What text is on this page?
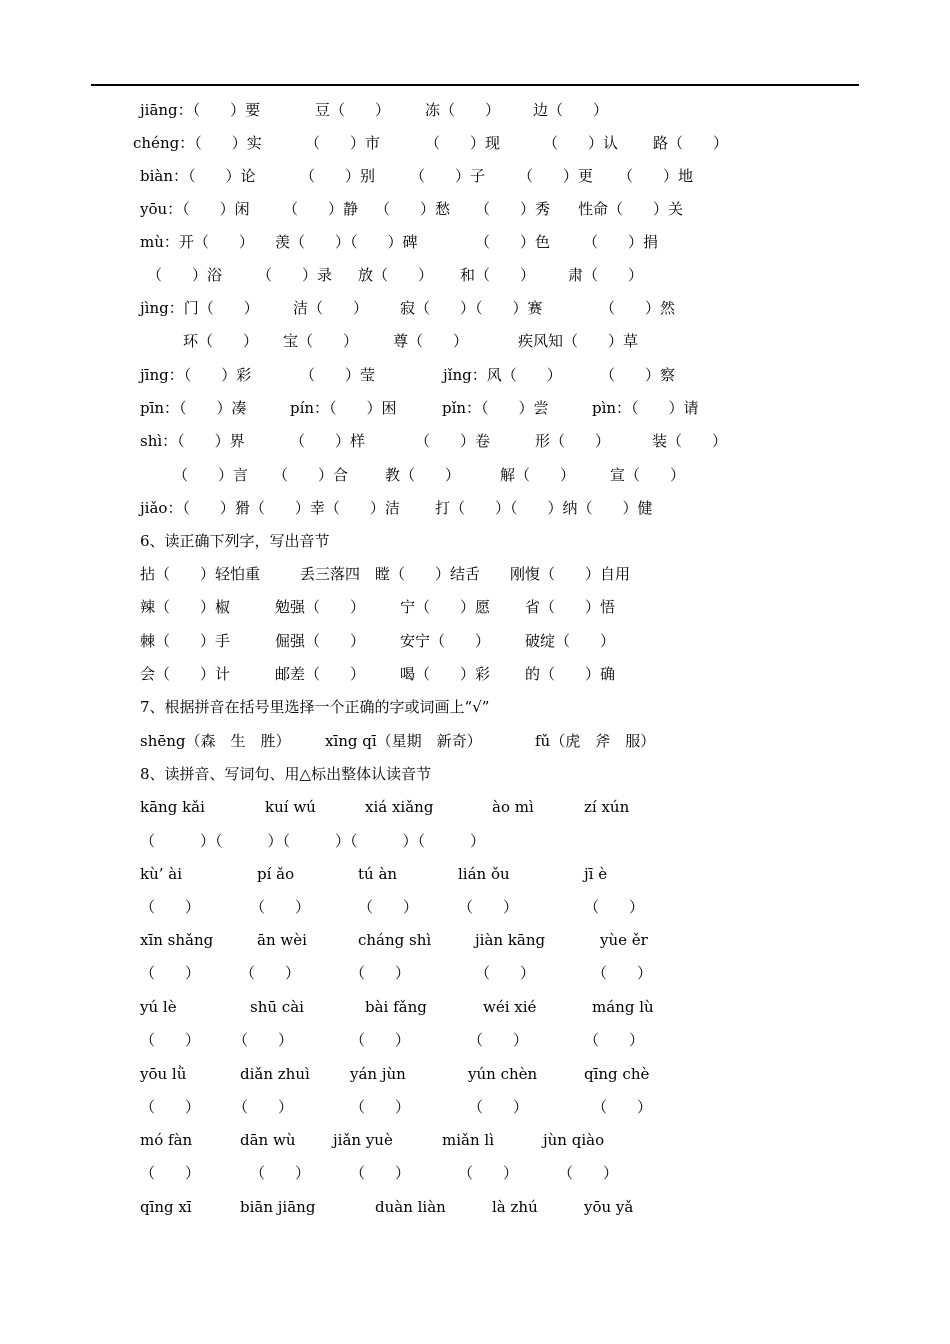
jiāng：（　　）要	豆（　　） 冻（　　） 边（　　）
chéng：（　　）实	（　　）市	（　　）现	（　　）认 路（　　）
biàn：（　　）论	（　　）别 （　　）子 （　　）更 （　　）地
yōu：（　　）闲 （　　）静 （　　）愁 （　　）秀 性命（　　）关
mù：开（　　） 羡（　　）（　　）碑	（　　）色 （　　）捐
（　　）浴 （　　）录 放（　　） 和（　　） 肃（　　）
jìng：门（　　） 洁（　　） 寂（　　）（　　）赛	（　　）然
环（　　） 宝（　　） 尊（　　）	疾风知（　　）草
jīng：（　　）彩	（　　）莹	jǐng：风（　　）	（　　）察
pīn：（　　）凑	pín：（　　）困	pǐn：（　　）尝	pìn：（　　）请
shì：（　　）界	（　　）样	（　　）卷	形（　　）	装（　　）
（　　）言 （　　）合 教（　　）	解（　　） 宣（　　）
jiǎo：（　　）猾（　　）幸（　　）洁 打（　　）（　　）纳（　　）健
6、读正确下列字，写出音节
拈（　　）轻怕重	丢三落四 瞠（　　）结舌 刚愎（　　）自用
辣（　　）椒	勉强（　　） 宁（　　）愿 省（　　）悟
棘（　　）手	倔强（　　） 安宁（　　） 破绽（　　）
会（　　）计	邮差（　　） 喝（　　）彩 的（　　）确
7、根据拼音在括号里选择一个正确的字或词画上“√”
shēng（森　生　胜） xīng qī（星期　新奇）	fǔ（虎　斧　服）
8、读拼音、写词句、用△标出整体认读音节
kāng kǎi	kuí wú	xiá xiǎng	ào mì	zí xún
（　　　）（　　　）（　　　）（　　　）（　　　）
kù’ ài	pí ǎo	tú àn	lián ǒu	jī è
（　　）	（　　）	（　　）	（　　）	（　　）
xīn shǎng	ān wèi	cháng shì	jiàn kāng	yùe ěr
（　　）	（　　）	（　　）	（　　）	（　　）
yú lè	shū cài	bài fǎng	wéi xié	máng lù
（　　） （　　）	（　　）	（　　）	（　　）
yōu lǜ	diǎn zhuì	yán jùn	yún chèn	qīng chè
（　　） （　　）	（　　）	（　　）	（　　）
mó fàn	dān wù	jiǎn yuè	miǎn lì	jùn qiào
（　　）	（　　）	（　　）	（　　）	（　　）
qīng xī	biān jiāng	duàn liàn	là zhú	yōu yǎ
